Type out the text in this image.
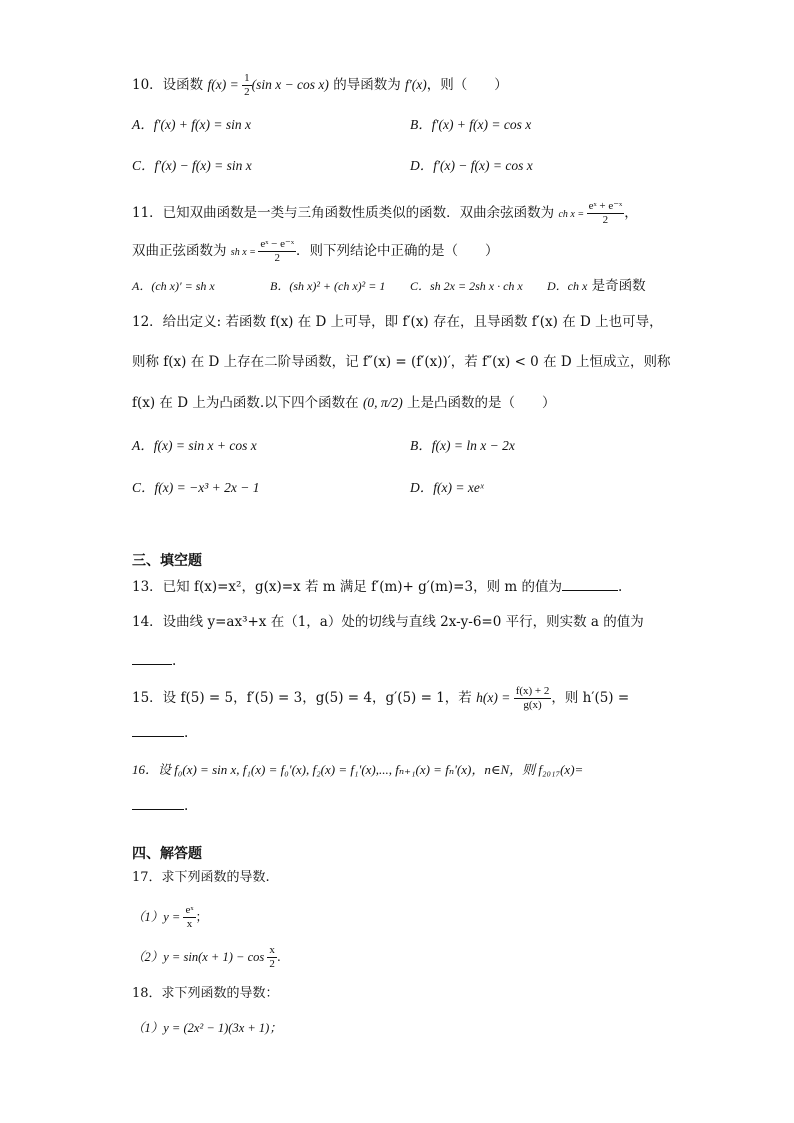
10．设函数 $f(x) = \frac{1}{2} (\sin$ x − cos x) 的导函数为 f′(x)，则（　　）
A．f′(x) + f(x) = sin x	B．f′(x) + f(x) = cos x
C．f′(x) − f(x) = sin x	D．f′(x) − f(x) = cos x
11．已知双曲函数是一类与三角函数性质类似的函数．双曲余弦函数为 ch $x = \frac{\text{eˣ + e⁻ˣ}}{2}$ ，
双曲正弦函数为 sh $x = \frac{\text{eˣ − e⁻ˣ}}{2}$ ．则下列结论中正确的是（　　）
A．(ch x)′ = sh x	B．(sh x)² + (ch x)² = 1 C．sh 2x = 2sh x · ch x D．ch x 是奇函数
12．给出定义: 若函数 f(x) 在 D 上可导，即 f′(x) 存在，且导函数 f′(x) 在 D 上也可导，
则称 f(x) 在 D 上存在二阶导函数，记 f″(x) = (f′(x))′，若 f″(x) < 0 在 D 上恒成立，则称
f(x) 在 D 上为凸函数.以下四个函数在 (0, π/2) 上是凸函数的是（　　）
A．f(x) = sin x + cos x	B．f(x) = ln x − 2x
C．f(x) = −x³ + 2x − 1	D．f(x) = xeˣ
三、填空题
13．已知 f(x)=x²，g(x)=x 若 m 满足 f′(m)+ g′(m)=3，则 m 的值为	.
14．设曲线 y=ax³+x 在（1，a）处的切线与直线 2x-y-6=0 平行，则实数 a 的值为
.
15．设 f(5) = 5，f′(5) = 3，g(5) = 4，g′(5) = 1，若 $h(x) = \frac{f(x) + 2}{g(x)}$ ，则 h′(5) =
.
16．设 f₀(x) = sin x, f₁(x) = f₀′(x), f₂(x) = f₁′(x),..., fₙ₊₁(x) = fₙ′(x)，n∈N，则 f₂₀₁₇(x)=
.
四、解答题
17．求下列函数的导数.
$(1)y = \frac{\text{eˣ}}{x}$ ；
$(2)y = \sin(x + 1) - \cos \frac{x}{2}$ .
18．求下列函数的导数：
（1）y = (2x² − 1)(3x + 1)；
